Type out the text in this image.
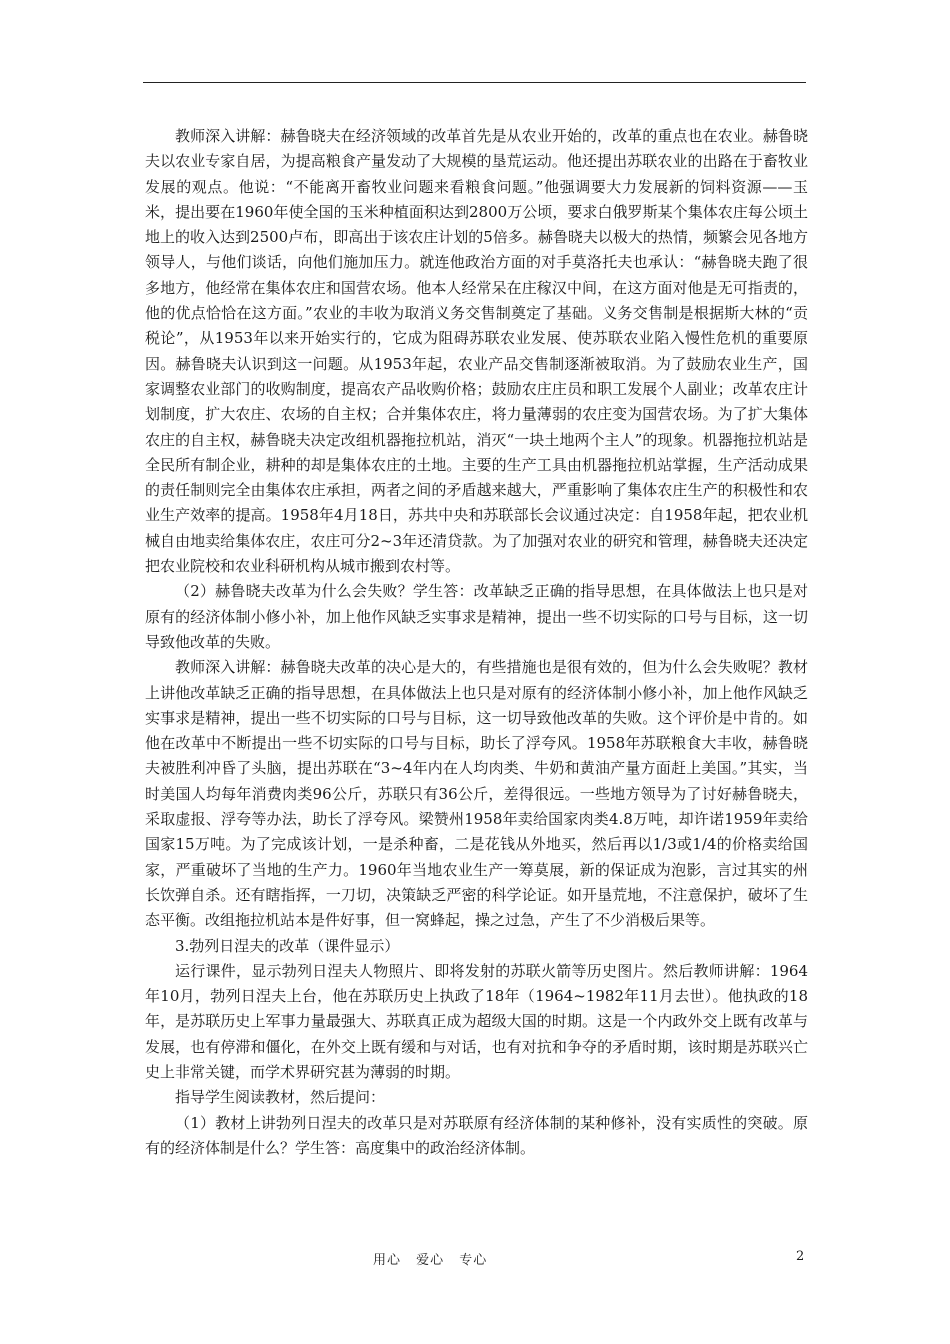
教师深入讲解：赫鲁晓夫在经济领域的改革首先是从农业开始的，改革的重点也在农业。赫鲁晓夫以农业专家自居，为提高粮食产量发动了大规模的垦荒运动。他还提出苏联农业的出路在于畜牧业发展的观点。他说：“不能离开畜牧业问题来看粮食问题。”他强调要大力发展新的饲料资源——玉米，提出要在1960年使全国的玉米种植面积达到2800万公顷，要求白俄罗斯某个集体农庄每公顷土地上的收入达到2500卢布，即高出于该农庄计划的5倍多。赫鲁晓夫以极大的热情，频繁会见各地方领导人，与他们谈话，向他们施加压力。就连他政治方面的对手莫洛托夫也承认：“赫鲁晓夫跑了很多地方，他经常在集体农庄和国营农场。他本人经常呆在庄稼汉中间，在这方面对他是无可指责的，他的优点恰恰在这方面。”农业的丰收为取消义务交售制奠定了基础。义务交售制是根据斯大林的“贡税论”，从1953年以来开始实行的，它成为阻碍苏联农业发展、使苏联农业陷入慢性危机的重要原因。赫鲁晓夫认识到这一问题。从1953年起，农业产品交售制逐渐被取消。为了鼓励农业生产，国家调整农业部门的收购制度，提高农产品收购价格；鼓励农庄庄员和职工发展个人副业；改革农庄计划制度，扩大农庄、农场的自主权；合并集体农庄，将力量薄弱的农庄变为国营农场。为了扩大集体农庄的自主权，赫鲁晓夫决定改组机器拖拉机站，消灭“一块土地两个主人”的现象。机器拖拉机站是全民所有制企业，耕种的却是集体农庄的土地。主要的生产工具由机器拖拉机站掌握，生产活动成果的责任制则完全由集体农庄承担，两者之间的矛盾越来越大，严重影响了集体农庄生产的积极性和农业生产效率的提高。1958年4月18日，苏共中央和苏联部长会议通过决定：自1958年起，把农业机械自由地卖给集体农庄，农庄可分2~3年还清贷款。为了加强对农业的研究和管理，赫鲁晓夫还决定把农业院校和农业科研机构从城市搬到农村等。

（2）赫鲁晓夫改革为什么会失败？学生答：改革缺乏正确的指导思想，在具体做法上也只是对原有的经济体制小修小补，加上他作风缺乏实事求是精神，提出一些不切实际的口号与目标，这一切导致他改革的失败。

教师深入讲解：赫鲁晓夫改革的决心是大的，有些措施也是很有效的，但为什么会失败呢？教材上讲他改革缺乏正确的指导思想，在具体做法上也只是对原有的经济体制小修小补，加上他作风缺乏实事求是精神，提出一些不切实际的口号与目标，这一切导致他改革的失败。这个评价是中肯的。如他在改革中不断提出一些不切实际的口号与目标，助长了浮夸风。1958年苏联粮食大丰收，赫鲁晓夫被胜利冲昏了头脑，提出苏联在“3~4年内在人均肉类、牛奶和黄油产量方面赶上美国。”其实，当时美国人均每年消费肉类96公斤，苏联只有36公斤，差得很远。一些地方领导为了讨好赫鲁晓夫，采取虚报、浮夸等办法，助长了浮夸风。梁赞州1958年卖给国家肉类4.8万吨，却许诺1959年卖给国家15万吨。为了完成该计划，一是杀种畜，二是花钱从外地买，然后再以1/3或1/4的价格卖给国家，严重破坏了当地的生产力。1960年当地农业生产一筹莫展，新的保证成为泡影，言过其实的州长饮弹自杀。还有瞎指挥，一刀切，决策缺乏严密的科学论证。如开垦荒地，不注意保护，破坏了生态平衡。改组拖拉机站本是件好事，但一窝蜂起，操之过急，产生了不少消极后果等。

3.勃列日涅夫的改革（课件显示）

运行课件，显示勃列日涅夫人物照片、即将发射的苏联火箭等历史图片。然后教师讲解：1964年10月，勃列日涅夫上台，他在苏联历史上执政了18年（1964~1982年11月去世）。他执政的18年，是苏联历史上军事力量最强大、苏联真正成为超级大国的时期。这是一个内政外交上既有改革与发展，也有停滞和僵化，在外交上既有缓和与对话，也有对抗和争夺的矛盾时期，该时期是苏联兴亡史上非常关键，而学术界研究甚为薄弱的时期。

指导学生阅读教材，然后提问：

（1）教材上讲勃列日涅夫的改革只是对苏联原有经济体制的某种修补，没有实质性的突破。原有的经济体制是什么？学生答：高度集中的政治经济体制。

用心 爱心 专心	2
